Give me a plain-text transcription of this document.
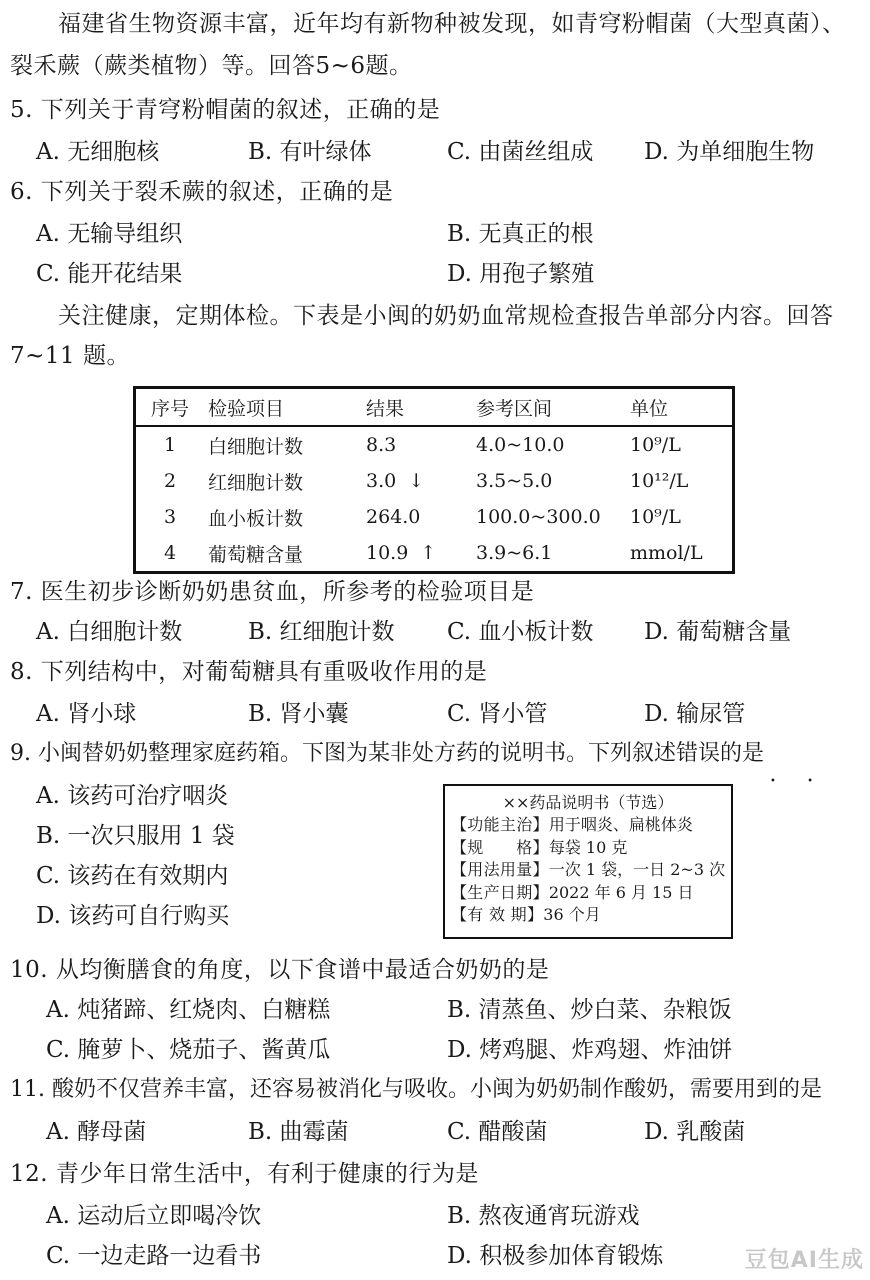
福建省生物资源丰富，近年均有新物种被发现，如青穹粉帽菌（大型真菌）、
裂禾蕨（蕨类植物）等。回答5~6题。
5. 下列关于青穹粉帽菌的叙述，正确的是
A. 无细胞核	B. 有叶绿体	C. 由菌丝组成 D. 为单细胞生物
6. 下列关于裂禾蕨的叙述，正确的是
A. 无输导组织	B. 无真正的根
C. 能开花结果	D. 用孢子繁殖
关注健康，定期体检。下表是小闽的奶奶血常规检查报告单部分内容。回答
7~11 题。
序号	检验项目	结果	参考区间	单位
1	白细胞计数	8.3	4.0~10.0	10⁹/L
2	红细胞计数	3.0 ↓	3.5~5.0	10¹²/L
3	血小板计数	264.0	100.0~300.0	10⁹/L
4	葡萄糖含量	10.9 ↑	3.9~6.1	mmol/L
7. 医生初步诊断奶奶患贫血，所参考的检验项目是
A. 白细胞计数	B. 红细胞计数 C. 血小板计数 D. 葡萄糖含量
8. 下列结构中，对葡萄糖具有重吸收作用的是
A. 肾小球	B. 肾小囊	C. 肾小管	D. 输尿管
9. 小闽替奶奶整理家庭药箱。下图为某非处方药的说明书。下列叙述错误的是
• •
A. 该药可治疗咽炎
B. 一次只服用 1 袋
C. 该药在有效期内
D. 该药可自行购买
××药品说明书（节选）
【功能主治】用于咽炎、扁桃体炎
【规　　格】每袋 10 克
【用法用量】一次 1 袋，一日 2~3 次
【生产日期】2022 年 6 月 15 日
【有 效 期】36 个月
10. 从均衡膳食的角度，以下食谱中最适合奶奶的是
A. 炖猪蹄、红烧肉、白糖糕	B. 清蒸鱼、炒白菜、杂粮饭
C. 腌萝卜、烧茄子、酱黄瓜	D. 烤鸡腿、炸鸡翅、炸油饼
11. 酸奶不仅营养丰富，还容易被消化与吸收。小闽为奶奶制作酸奶，需要用到的是
A. 酵母菌	B. 曲霉菌	C. 醋酸菌	D. 乳酸菌
12. 青少年日常生活中，有利于健康的行为是
A. 运动后立即喝冷饮	B. 熬夜通宵玩游戏
C. 一边走路一边看书	D. 积极参加体育锻炼	豆包AI生成
